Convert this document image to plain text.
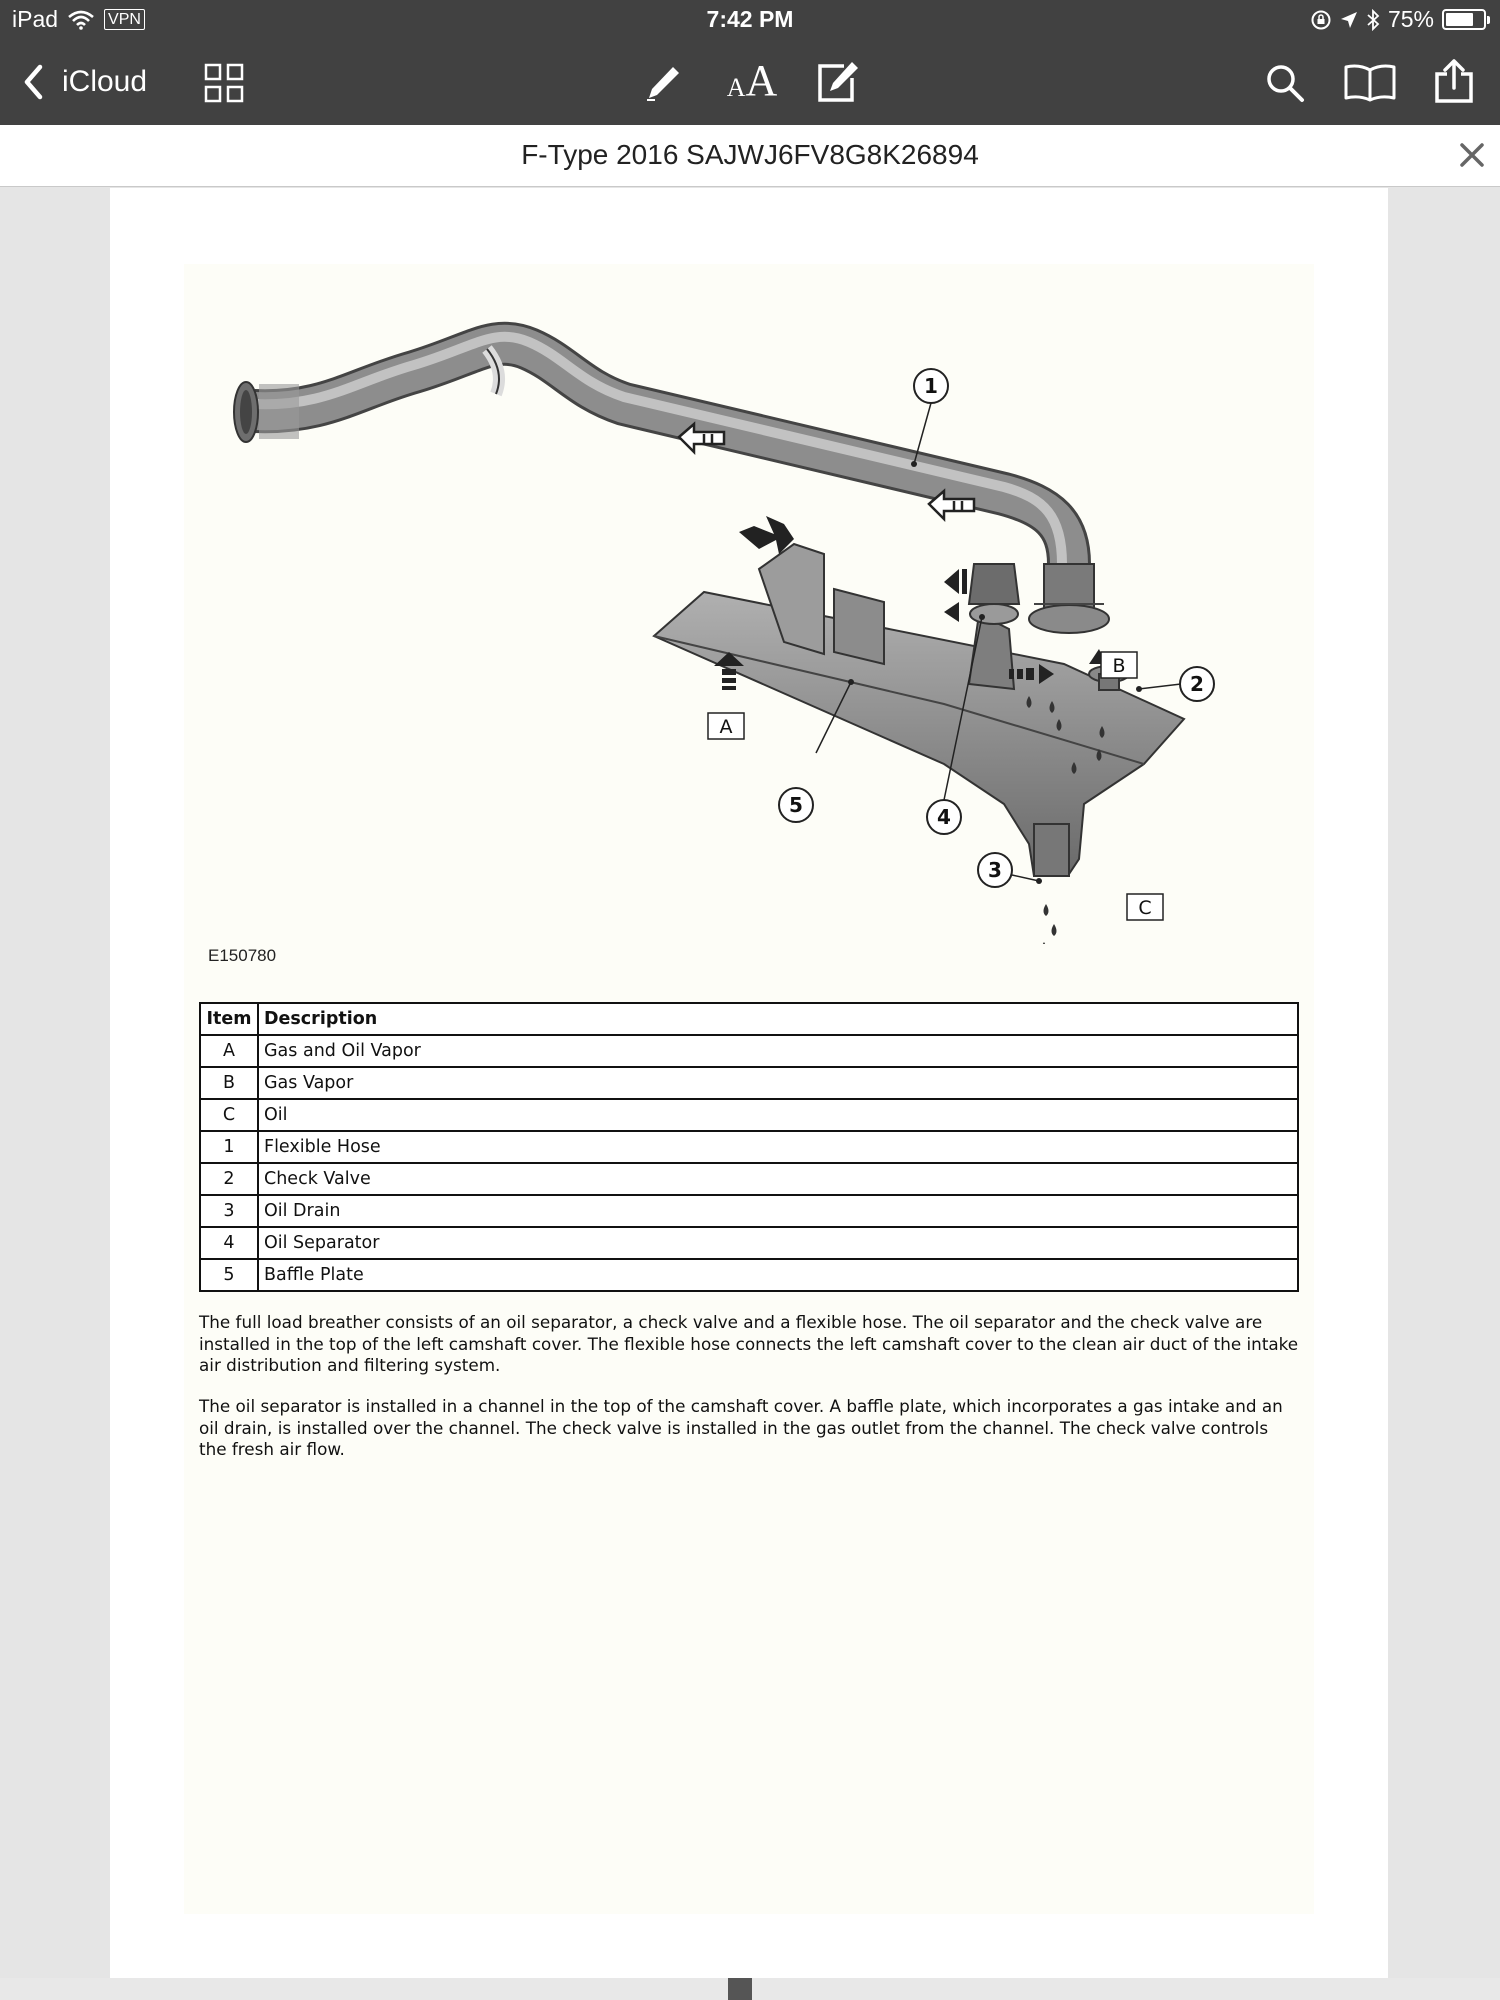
iPad	VPN	7:42 PM	75%
iCloud	A A
F-Type 2016 SAJWJ6FV8G8K26894
1
2
3
4
5
A
B
C
E150780
Item	Description
A	Gas and Oil Vapor
B	Gas Vapor
C	Oil
1	Flexible Hose
2	Check Valve
3	Oil Drain
4	Oil Separator
5	Baffle Plate

The full load breather consists of an oil separator, a check valve and a flexible hose. The oil separator and the check valve are installed in the top of the left camshaft cover. The flexible hose connects the left camshaft cover to the clean air duct of the intake air distribution and filtering system.

The oil separator is installed in a channel in the top of the camshaft cover. A baffle plate, which incorporates a gas intake and an oil drain, is installed over the channel. The check valve is installed in the gas outlet from the channel. The check valve controls the fresh air flow.
